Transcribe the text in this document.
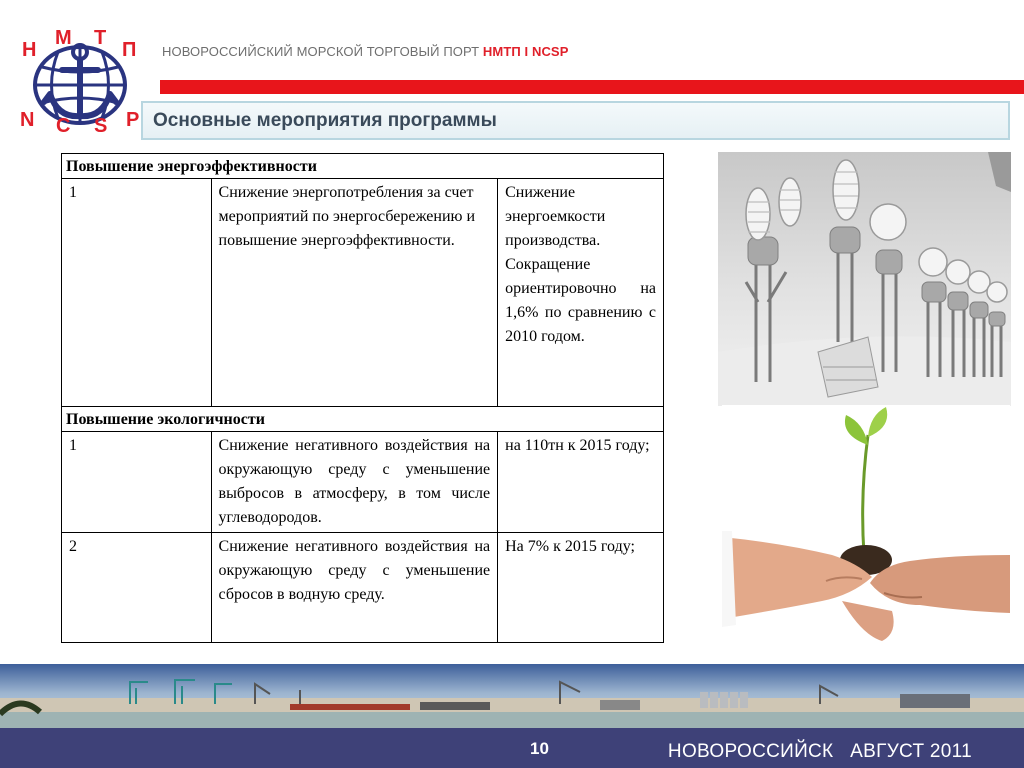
Н
М Т
П
N C S P
НОВОРОССИЙСКИЙ МОРСКОЙ ТОРГОВЫЙ ПОРТ НМТП I NCSP
Основные мероприятия программы
Повышение энергоэффективности		
1	Снижение энергопотребления за счет мероприятий по энергосбережению и повышение энергоэффективности.	Снижение энергоемкости производства. Сокращение ориентировочно на 1,6% по сравнению с 2010 годом.
Повышение экологичности		
1	Снижение негативного воздействия на окружающую среду с уменьшение выбросов в атмосферу, в том числе углеводородов.	на 110тн к 2015 году;
2	Снижение негативного воздействия на окружающую среду с уменьшение сбросов в водную среду.	На 7% к 2015 году;
10	НОВОРОССИЙСК   АВГУСТ 2011
